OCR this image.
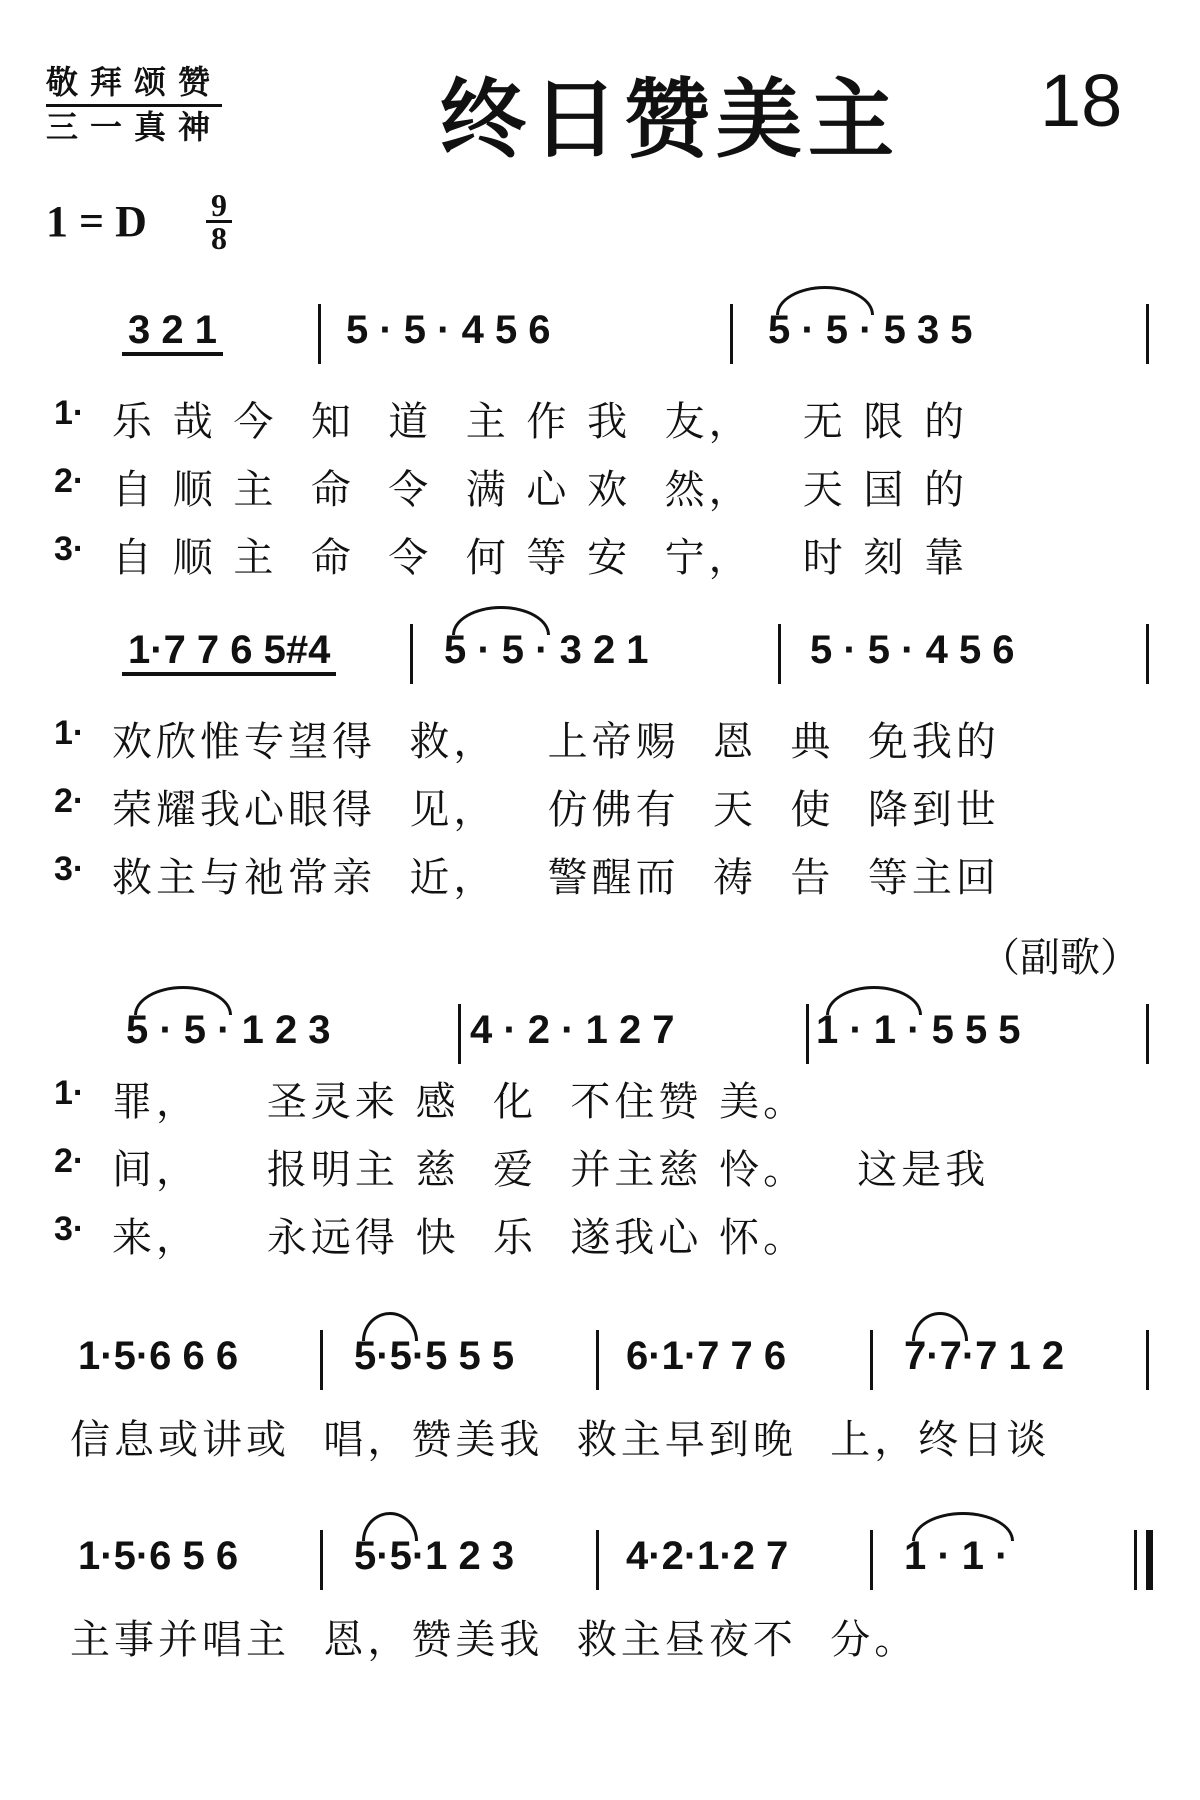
敬拜颂赞
三一真神	终日赞美主 18
1 = D 9
8
3 2 1	5 · 5 · 4 5 6	5 · 5 · 5 3 5
1· 乐 哉 今  知  道  主 作 我  友，   无 限 的
2· 自 顺 主  命  令  满 心 欢  然，   天 国 的
3· 自 顺 主  命  令  何 等 安  宁，   时 刻 靠
1·7 7 6 5#4	5 · 5 · 3 2 1	5 · 5 · 4 5 6
1· 欢欣惟专望得  救，   上帝赐  恩  典  免我的
2· 荣耀我心眼得  见，   仿佛有  天  使  降到世
3· 救主与祂常亲  近，   警醒而  祷  告  等主回
（副歌）
5 · 5 · 1 2 3	4 · 2 · 1 2 7	1 · 1 · 5 5 5
1· 罪，    圣灵来 感  化  不住赞 美。
2· 间，    报明主 慈  爱  并主慈 怜。   这是我
3· 来，    永远得 快  乐  遂我心 怀。
1·5·6 6 6	5·5·5 5 5	6·1·7 7 6	7·7·7 1 2
信息或讲或  唱，赞美我  救主早到晚  上，终日谈
1·5·6 5 6	5·5·1 2 3	4·2·1·2 7	1 · 1 ·
主事并唱主  恩，赞美我  救主昼夜不  分。
